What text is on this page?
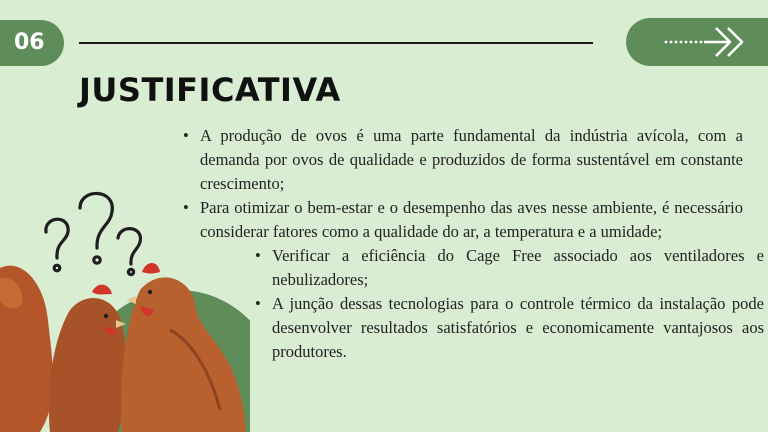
06
JUSTIFICATIVA
• A produção de ovos é uma parte fundamental da indústria avícola, com a demanda por ovos de qualidade e produzidos de forma sustentável em constante crescimento;
• Para otimizar o bem-estar e o desempenho das aves nesse ambiente, é necessário considerar fatores como a qualidade do ar, a temperatura e a umidade;
• Verificar a eficiência do Cage Free associado aos ventiladores e nebulizadores;
• A junção dessas tecnologias para o controle térmico da instalação pode desenvolver resultados satisfatórios e economicamente vantajosos aos produtores.
